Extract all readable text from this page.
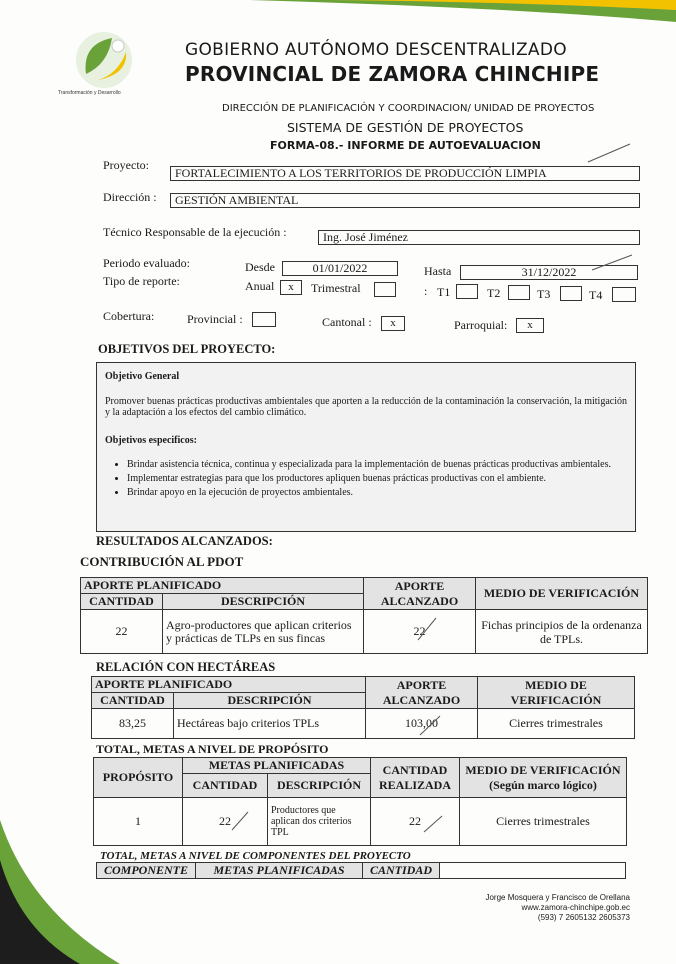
Transformación y Desarrollo
GOBIERNO AUTÓNOMO DESCENTRALIZADO
PROVINCIAL DE ZAMORA CHINCHIPE
DIRECCIÓN DE PLANIFICACIÓN Y COORDINACION/ UNIDAD DE PROYECTOS
SISTEMA DE GESTIÓN DE PROYECTOS
FORMA-08.- INFORME DE AUTOEVALUACION
Proyecto:
FORTALECIMIENTO A LOS TERRITORIOS DE PRODUCCIÓN LIMPIA
Dirección :	GESTIÓN AMBIENTAL
Técnico Responsable de la ejecución :	Ing. José Jiménez
Periodo evaluado:	Desde	01/01/2022	Hasta	31/12/2022
Tipo de reporte:	Anual	x	Trimestral	: T1	T2	T3	T4
Cobertura:	Provincial :	Cantonal :	x	Parroquial:	x
OBJETIVOS DEL PROYECTO:
Objetivo General
Promover buenas prácticas productivas ambientales que aporten a la reducción de la contaminación la conservación, la mitigación y la adaptación a los efectos del cambio climático.
Objetivos especificos:
• Brindar asistencia técnica, continua y especializada para la implementación de buenas prácticas productivas ambientales.
• Implementar estrategias para que los productores apliquen buenas prácticas productivas con el ambiente.
• Brindar apoyo en la ejecución de proyectos ambientales.
RESULTADOS ALCANZADOS:
CONTRIBUCIÓN AL PDOT
APORTE PLANIFICADO		APORTE ALCANZADO	MEDIO DE VERIFICACIÓN
CANTIDAD	DESCRIPCIÓN		
22	Agro-productores que aplican criterios y prácticas de TLPs en sus fincas	22	Fichas principios de la ordenanza de TPLs.
RELACIÓN CON HECTÁREAS
APORTE PLANIFICADO		APORTE ALCANZADO	MEDIO DE VERIFICACIÓN
CANTIDAD	DESCRIPCIÓN		
83,25	Hectáreas bajo criterios TPLs	103,00	Cierres trimestrales
TOTAL, METAS A NIVEL DE PROPÓSITO
PROPÓSITO	METAS PLANIFICADAS		CANTIDAD REALIZADA	MEDIO DE VERIFICACIÓN (Según marco lógico)
	CANTIDAD	DESCRIPCIÓN		
1	22	Productores que aplican dos criterios TPL	22	Cierres trimestrales
TOTAL, METAS A NIVEL DE COMPONENTES DEL PROYECTO
COMPONENTE	METAS PLANIFICADAS	CANTIDAD	
Jorge Mosquera y Francisco de Orellana
www.zamora-chinchipe.gob.ec
(593) 7 2605132 2605373
